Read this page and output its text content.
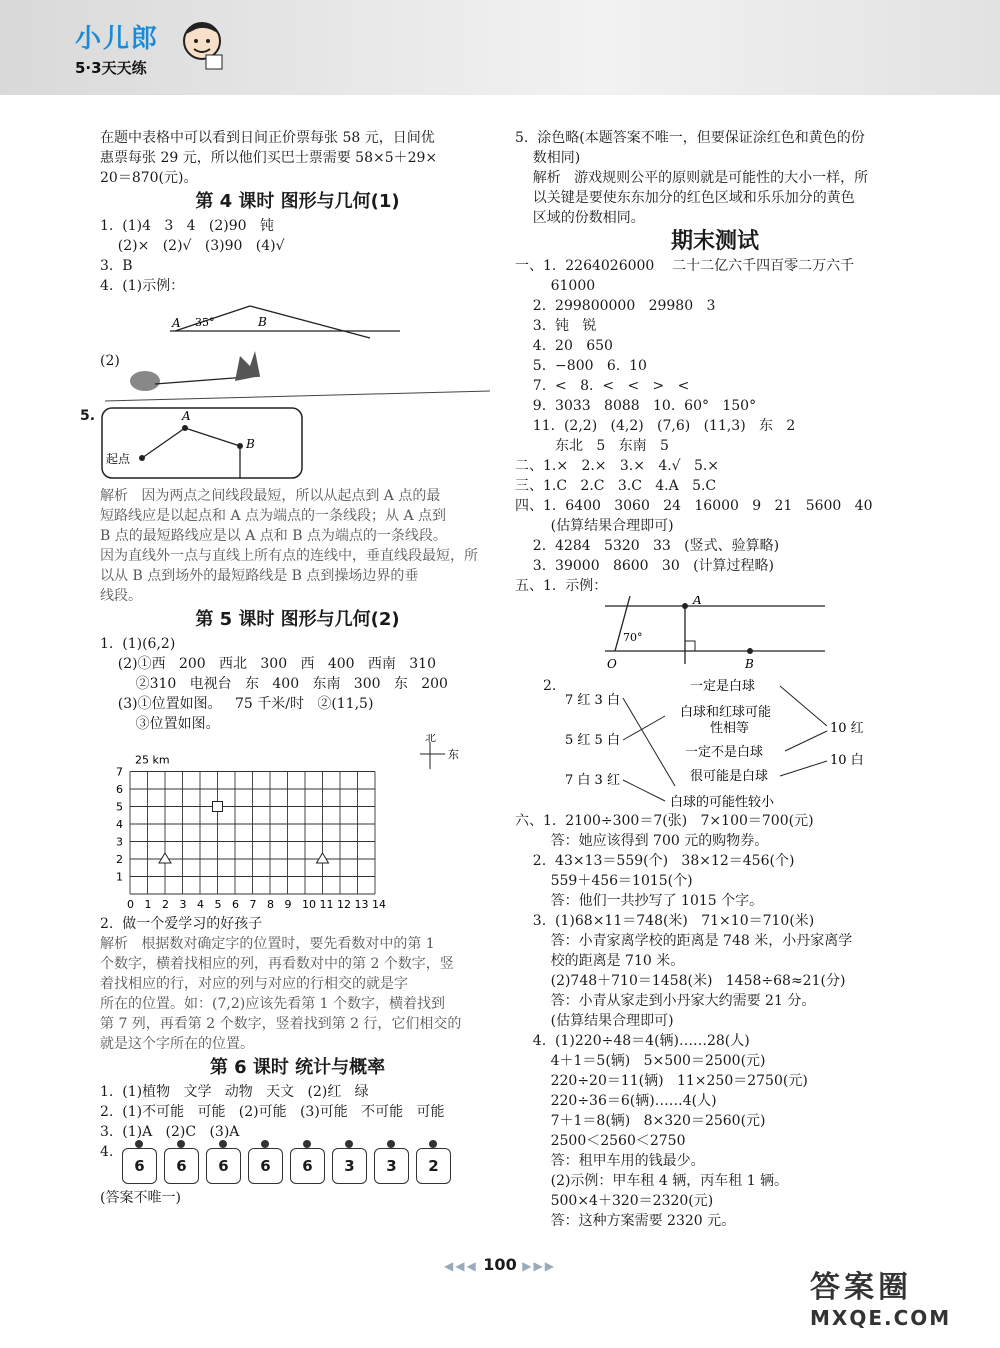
小儿郎
5·3天天练
在题中表格中可以看到日间正价票每张 58 元，日间优
惠票每张 29 元，所以他们买巴士票需要 58×5＋29×
20＝870(元)。
第 4 课时 图形与几何(1)
1.  (1)4   3   4   (2)90   钝
(2)×   (2)√   (3)90   (4)√
3.  B
4.  (1)示例：
A 35°	B
(2)
5.	A
B
起点
解析   因为两点之间线段最短，所以从起点到 A 点的最
短路线应是以起点和 A 点为端点的一条线段；从 A 点到
B 点的最短路线应是以 A 点和 B 点为端点的一条线段。
因为直线外一点与直线上所有点的连线中，垂直线段最短，所
以从 B 点到场外的最短路线是 B 点到操场边界的垂
线段。
第 5 课时 图形与几何(2)
1.  (1)(6,2)
(2)①西   200   西北   300   西   400   西南   310
②310   电视台   东   400   东南   300   东   200
(3)①位置如图。   75 千米/时   ②(11,5)
③位置如图。
0 1 2 3 4 5 6 7 8 9 10 11 12 13 14
1
2
3
4
5
6
7
25 km
北
东
2.  做一个爱学习的好孩子
解析   根据数对确定字的位置时，要先看数对中的第 1
个数字，横着找相应的列，再看数对中的第 2 个数字，竖
着找相应的行，对应的列与对应的行相交的就是字
所在的位置。如：(7,2)应该先看第 1 个数字，横着找到
第 7 列，再看第 2 个数字，竖着找到第 2 行，它们相交的
就是这个字所在的位置。
第 6 课时 统计与概率
1.  (1)植物   文学   动物   天文   (2)红   绿
2.  (1)不可能   可能   (2)可能   (3)可能   不可能   可能
3.  (1)A   (2)C   (3)A
4.
6	6	6	6	6	3	3	2
(答案不唯一)
5.  涂色略(本题答案不唯一，但要保证涂红色和黄色的份
数相同)
解析   游戏规则公平的原则就是可能性的大小一样，所
以关键是要使东东加分的红色区域和乐乐加分的黄色
区域的份数相同。
期末测试
一、1.  2264026000    二十二亿六千四百零二万六千
61000
2.  299800000   29980   3
3.  钝   锐
4.  20   650
5.  −800   6.  10
7.  <   8.  <   <   >   <
9.  3033   8088   10.  60°   150°
11.  (2,2)   (4,2)   (7,6)   (11,3)   东   2
东北   5   东南   5
二、1.×   2.×   3.×   4.√   5.×
三、1.C   2.C   3.C   4.A   5.C
四、1.  6400   3060   24   16000   9   21   5600   40
(估算结果合理即可)
2.  4284   5320   33   (竖式、验算略)
3.  39000   8600   30   (计算过程略)
五、1.  示例：
A
B
O
70°
2.
7 红 3 白
5 红 5 白
7 白 3 红
一定是白球
白球和红球可能
性相等
一定不是白球
很可能是白球
白球的可能性较小
10 红
10 白
六、1.  2100÷300＝7(张)   7×100＝700(元)
答：她应该得到 700 元的购物券。
2.  43×13＝559(个)   38×12＝456(个)
559＋456＝1015(个)
答：他们一共抄写了 1015 个字。
3.  (1)68×11＝748(米)   71×10＝710(米)
答：小青家离学校的距离是 748 米，小丹家离学
校的距离是 710 米。
(2)748＋710＝1458(米)   1458÷68≈21(分)
答：小青从家走到小丹家大约需要 21 分。
(估算结果合理即可)
4.  (1)220÷48＝4(辆)……28(人)
4＋1＝5(辆)   5×500＝2500(元)
220÷20＝11(辆)   11×250＝2750(元)
220÷36＝6(辆)……4(人)
7＋1＝8(辆)   8×320＝2560(元)
2500＜2560＜2750
答：租甲车用的钱最少。
(2)示例：甲车租 4 辆，丙车租 1 辆。
500×4＋320＝2320(元)
答：这种方案需要 2320 元。
◀◀◀ 100 ▶▶▶
答案圈
MXQE.COM
